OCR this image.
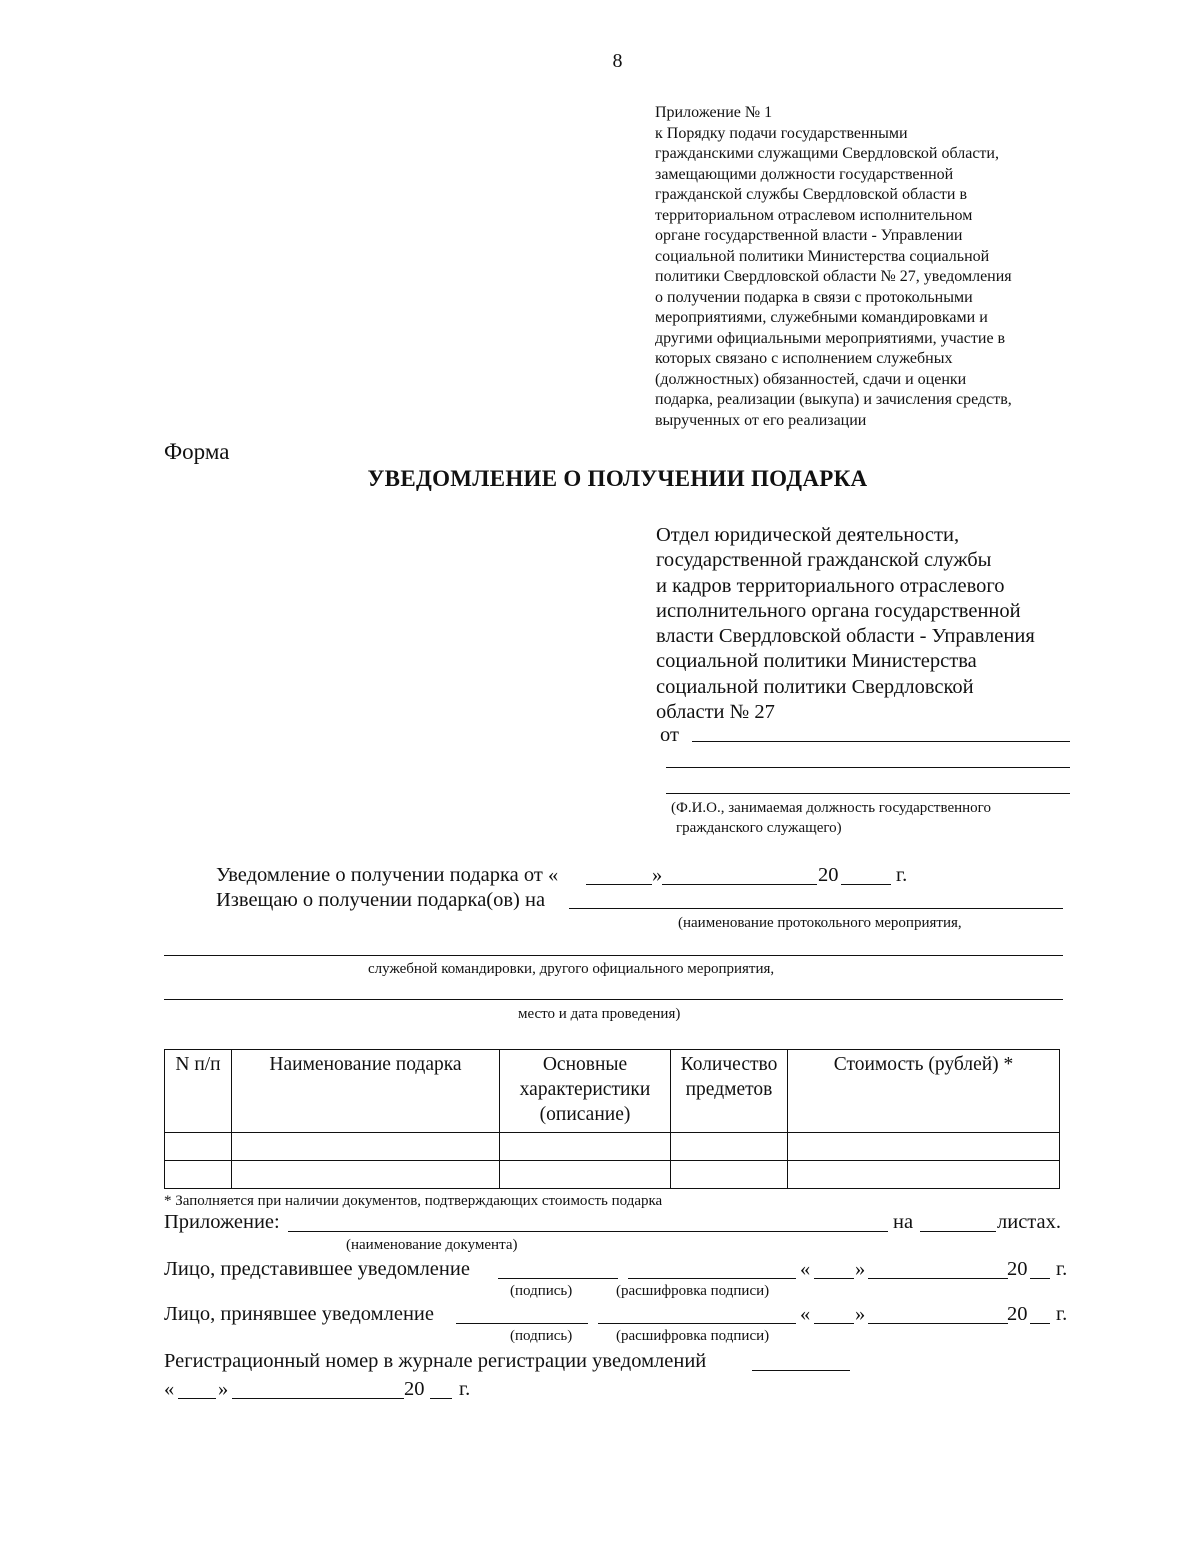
8
Приложение № 1
к Порядку подачи государственными
гражданскими служащими Свердловской области,
замещающими должности государственной
гражданской службы Свердловской области в
территориальном отраслевом исполнительном
органе государственной власти - Управлении
социальной политики Министерства социальной
политики Свердловской области № 27, уведомления
о получении подарка в связи с протокольными
мероприятиями, служебными командировками и
другими официальными мероприятиями, участие в
которых связано с исполнением служебных
(должностных) обязанностей, сдачи и оценки
подарка, реализации (выкупа) и зачисления средств,
вырученных от его реализации
Форма
УВЕДОМЛЕНИЕ О ПОЛУЧЕНИИ ПОДАРКА
Отдел юридической деятельности,
государственной гражданской службы
и кадров территориального отраслевого
исполнительного органа государственной
власти Свердловской области - Управления
социальной политики Министерства
социальной политики Свердловской
области № 27
от
(Ф.И.О., занимаемая должность государственного
гражданского служащего)
Уведомление о получении подарка от «	»	20	г.
Извещаю о получении подарка(ов) на
(наименование протокольного мероприятия,
служебной командировки, другого официального мероприятия,
место и дата проведения)
N п/п	Наименование подарка	Основные характеристики (описание)	Количество предметов	Стоимость (рублей) *

* Заполняется при наличии документов, подтверждающих стоимость подарка
Приложение:	на	листах.
(наименование документа)
Лицо, представившее уведомление	« »	20 г.
(подпись)	(расшифровка подписи)
Лицо, принявшее уведомление	« »	20 г.
(подпись)	(расшифровка подписи)
Регистрационный номер в журнале регистрации уведомлений
« »	20 г.
